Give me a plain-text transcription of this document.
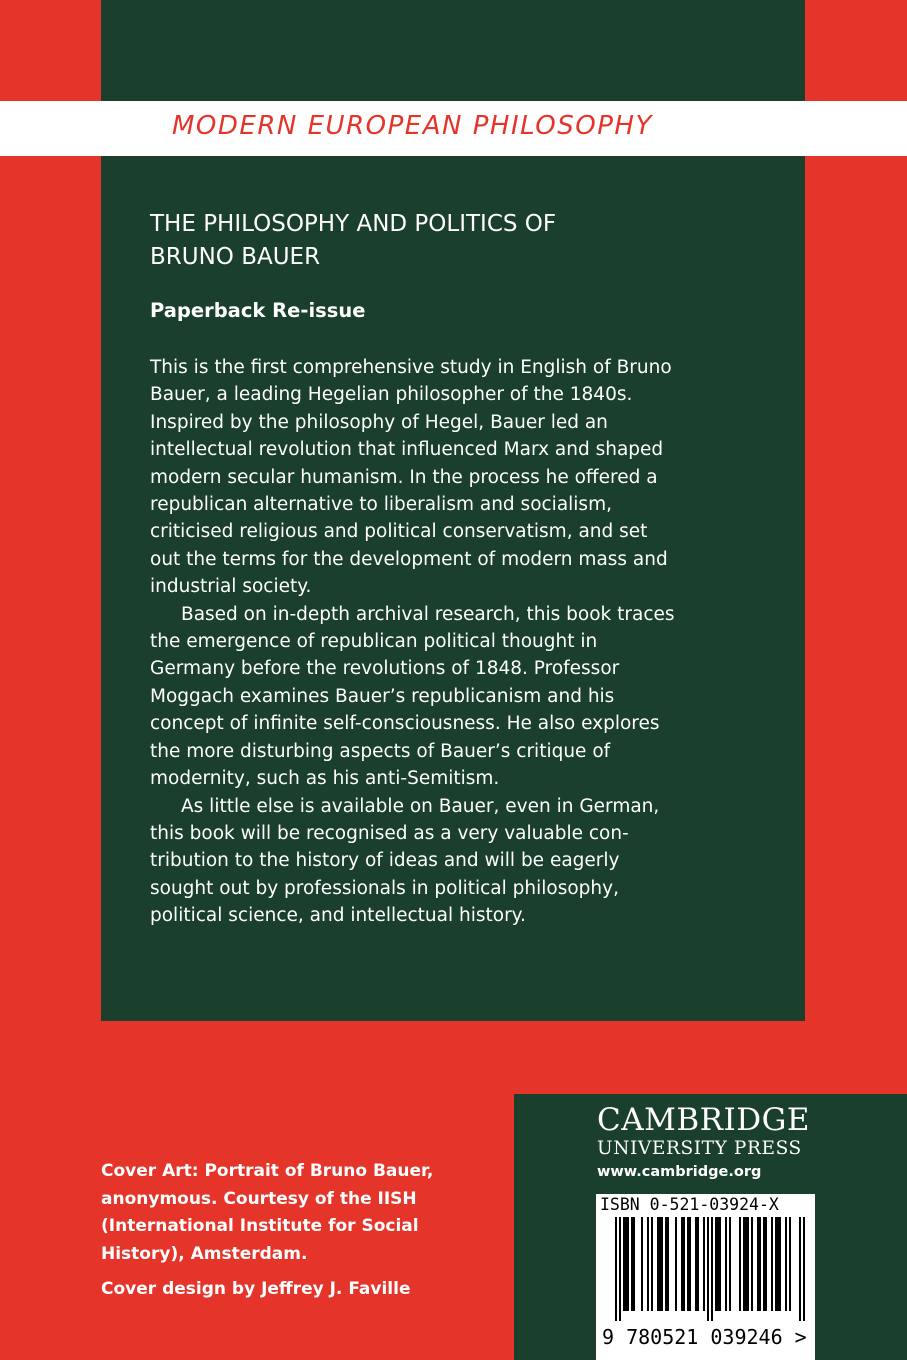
MODERN EUROPEAN PHILOSOPHY
THE PHILOSOPHY AND POLITICS OF
BRUNO BAUER
Paperback Re-issue
This is the first comprehensive study in English of Bruno
Bauer, a leading Hegelian philosopher of the 1840s.
Inspired by the philosophy of Hegel, Bauer led an
intellectual revolution that influenced Marx and shaped
modern secular humanism. In the process he offered a
republican alternative to liberalism and socialism,
criticised religious and political conservatism, and set
out the terms for the development of modern mass and
industrial society.
Based on in-depth archival research, this book traces
the emergence of republican political thought in
Germany before the revolutions of 1848. Professor
Moggach examines Bauer’s republicanism and his
concept of infinite self-consciousness. He also explores
the more disturbing aspects of Bauer’s critique of
modernity, such as his anti-Semitism.
As little else is available on Bauer, even in German,
this book will be recognised as a very valuable con-
tribution to the history of ideas and will be eagerly
sought out by professionals in political philosophy,
political science, and intellectual history.
Cover Art: Portrait of Bruno Bauer,
anonymous. Courtesy of the IISH
(International Institute for Social
History), Amsterdam.
Cover design by Jeffrey J. Faville
CAMBRIDGE
UNIVERSITY PRESS
www.cambridge.org
ISBN 0-521-03924-X
9 780521 039246 >
